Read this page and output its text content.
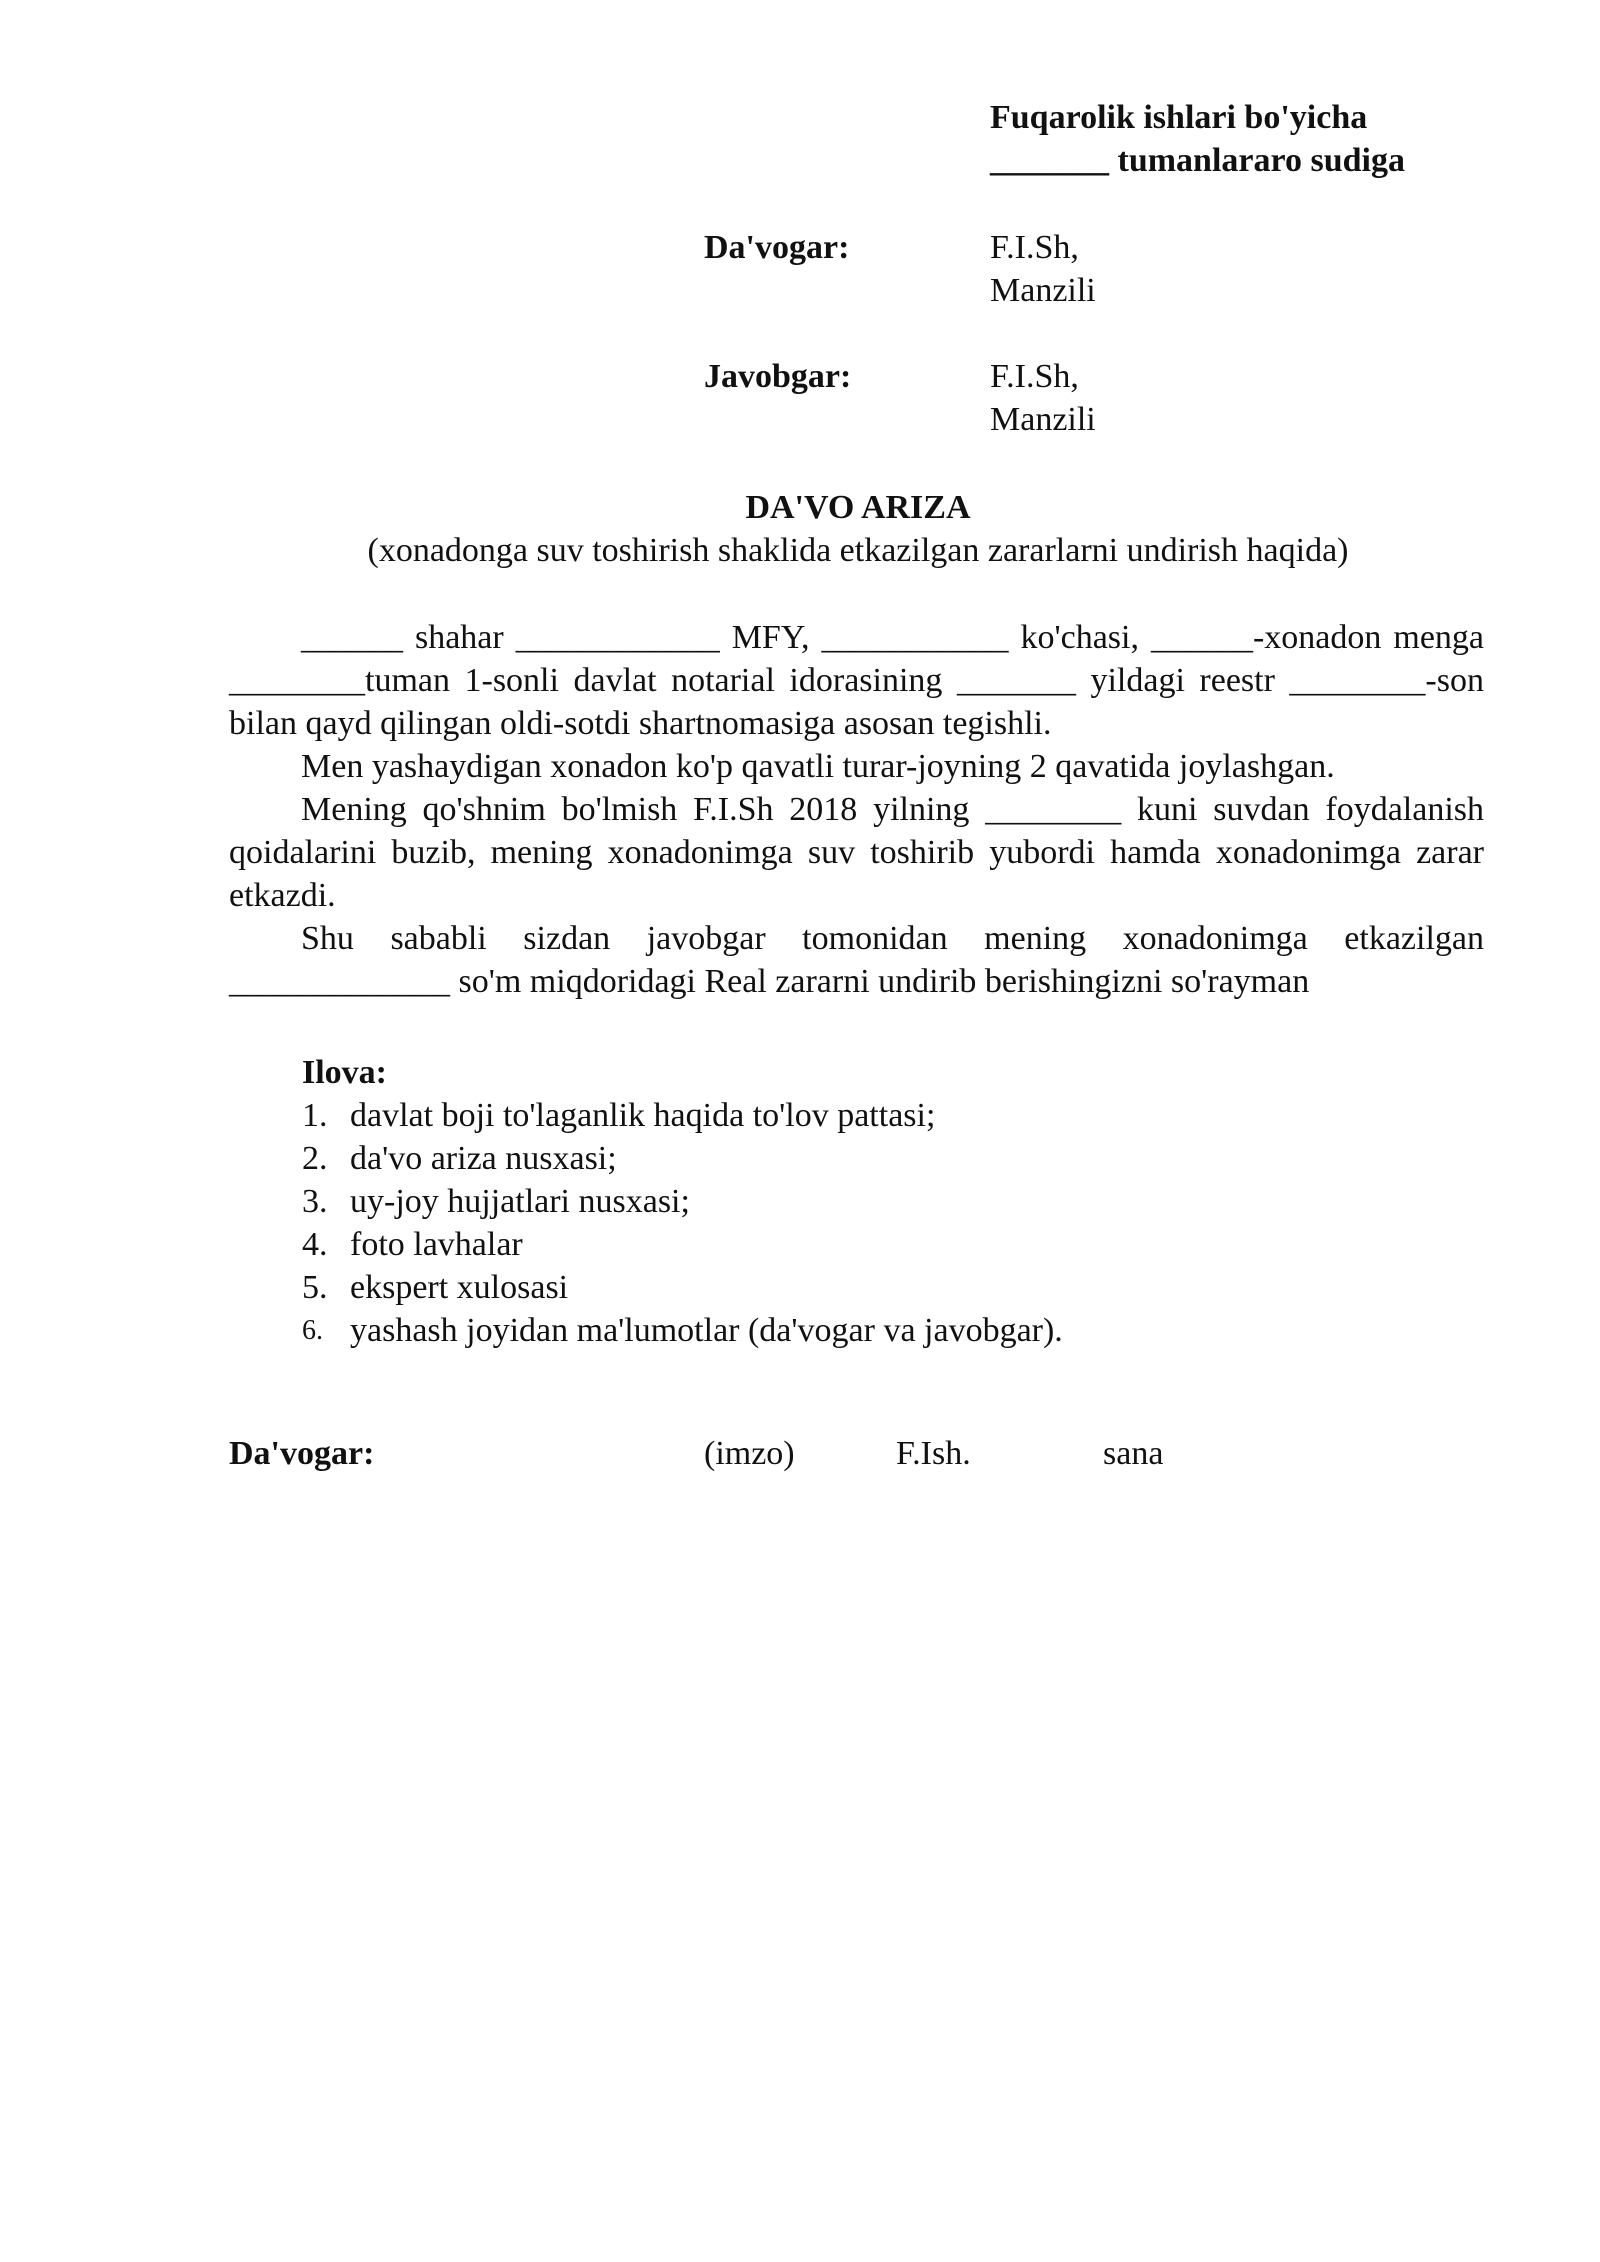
Fuqarolik ishlari bo'yicha
_______ tumanlararo sudiga
Da'vogar:	F.I.Sh,
Manzili
Javobgar:	F.I.Sh,
Manzili
DA'VO ARIZA
(xonadonga suv toshirish shaklida etkazilgan zararlarni undirish haqida)

______ shahar ____________ MFY, ___________ ko'chasi, ______-xonadon menga ________tuman 1-sonli davlat notarial idorasining _______ yildagi reestr ________-son bilan qayd qilingan oldi-sotdi shartnomasiga asosan tegishli.

Men yashaydigan xonadon ko'p qavatli turar-joyning 2 qavatida joylashgan.

Mening qo'shnim bo'lmish F.I.Sh 2018 yilning ________ kuni suvdan foydalanish qoidalarini buzib, mening xonadonimga suv toshirib yubordi hamda xonadonimga zarar etkazdi.

Shu sababli sizdan javobgar tomonidan mening xonadonimga etkazilgan _____________ so'm miqdoridagi Real zararni undirib berishingizni so'rayman

Ilova:
1. davlat boji to'laganlik haqida to'lov pattasi;
2. da'vo ariza nusxasi;
3. uy-joy hujjatlari nusxasi;
4. foto lavhalar
5. ekspert xulosasi
6. yashash joyidan ma'lumotlar (da'vogar va javobgar).
Da'vogar:	(imzo)	F.Ish.	sana
